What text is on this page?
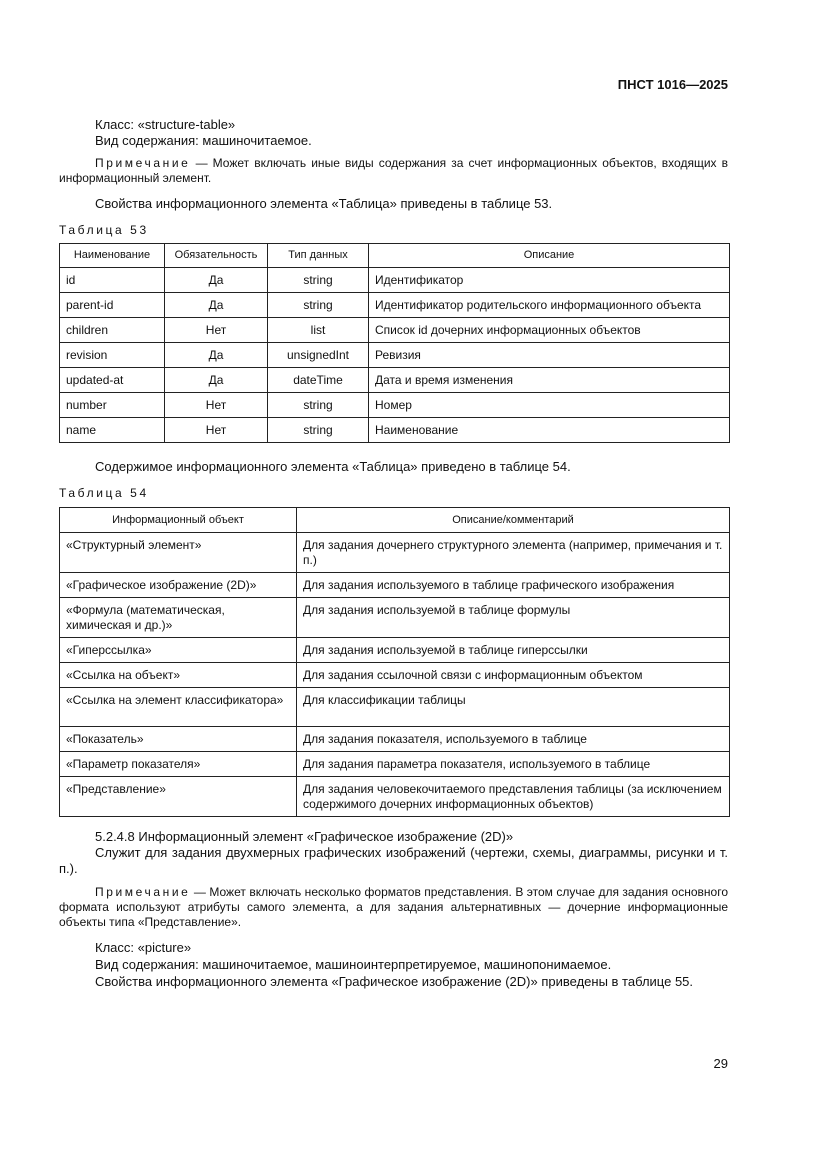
ПНСТ 1016—2025
Класс: «structure-table»
Вид содержания: машиночитаемое.
Примечание — Может включать иные виды содержания за счет информационных объектов, входящих в информационный элемент.
Свойства информационного элемента «Таблица» приведены в таблице 53.
Таблица 53
Наименование	Обязательность	Тип данных	Описание
id	Да	string	Идентификатор
parent-id	Да	string	Идентификатор родительского информационного объекта
children	Нет	list	Список id дочерних информационных объектов
revision	Да	unsignedInt	Ревизия
updated-at	Да	dateTime	Дата и время изменения
number	Нет	string	Номер
name	Нет	string	Наименование
Содержимое информационного элемента «Таблица» приведено в таблице 54.
Таблица 54
Информационный объект	Описание/комментарий
«Структурный элемент»	Для задания дочернего структурного элемента (например, примечания и т. п.)
«Графическое изображение (2D)»	Для задания используемого в таблице графического изображения
«Формула (математическая, химическая и др.)»	Для задания используемой в таблице формулы
«Гиперссылка»	Для задания используемой в таблице гиперссылки
«Ссылка на объект»	Для задания ссылочной связи с информационным объектом
«Ссылка на элемент классификатора»	Для классификации таблицы
«Показатель»	Для задания показателя, используемого в таблице
«Параметр показателя»	Для задания параметра показателя, используемого в таблице
«Представление»	Для задания человекочитаемого представления таблицы (за исключением содержимого дочерних информационных объектов)
5.2.4.8 Информационный элемент «Графическое изображение (2D)»
Служит для задания двухмерных графических изображений (чертежи, схемы, диаграммы, рисунки и т. п.).
Примечание — Может включать несколько форматов представления. В этом случае для задания основного формата используют атрибуты самого элемента, а для задания альтернативных — дочерние информационные объекты типа «Представление».
Класс: «picture»
Вид содержания: машиночитаемое, машиноинтерпретируемое, машинопонимаемое.
Свойства информационного элемента «Графическое изображение (2D)» приведены в таблице 55.
29
